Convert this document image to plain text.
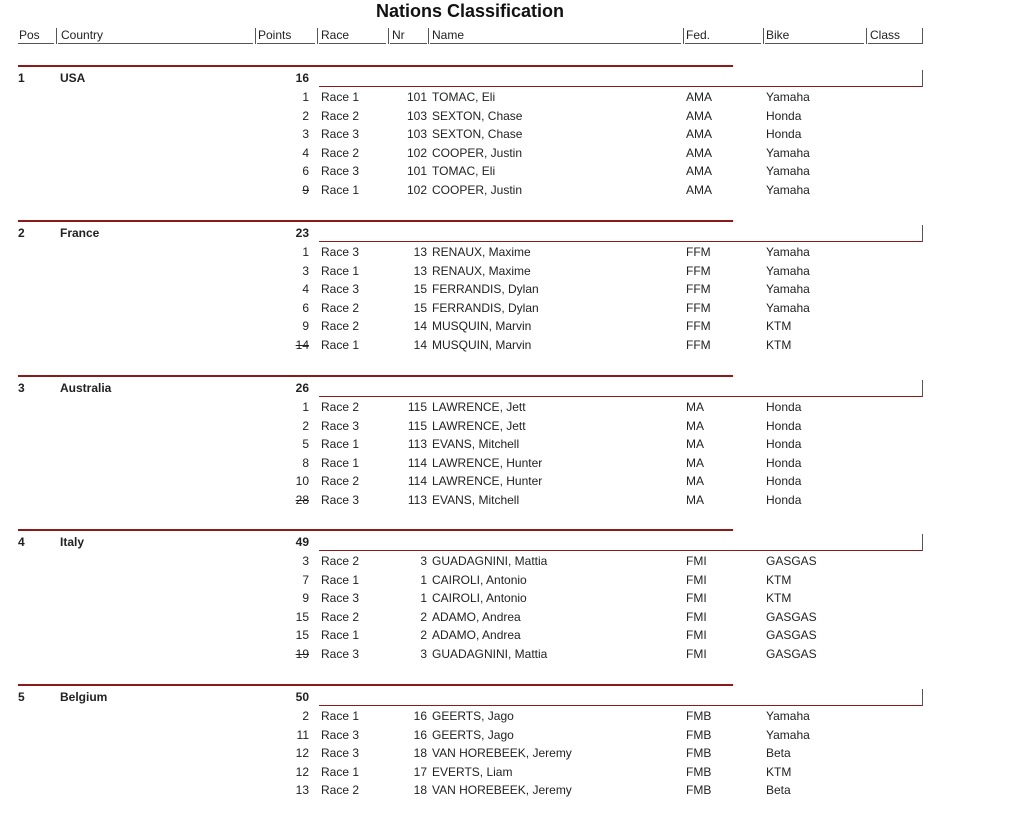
Nations Classification
Pos Country	Points Race	Nr Name	Fed.	Bike	Class
1	USA	16
1 Race 1	101 TOMAC, Eli	AMA	Yamaha
2 Race 2	103 SEXTON, Chase	AMA	Honda
3 Race 3	103 SEXTON, Chase	AMA	Honda
4 Race 2	102 COOPER, Justin	AMA	Yamaha
6 Race 3	101 TOMAC, Eli	AMA	Yamaha
9 Race 1	102 COOPER, Justin	AMA	Yamaha
2	France	23
1 Race 3	13 RENAUX, Maxime	FFM	Yamaha
3 Race 1	13 RENAUX, Maxime	FFM	Yamaha
4 Race 3	15 FERRANDIS, Dylan	FFM	Yamaha
6 Race 2	15 FERRANDIS, Dylan	FFM	Yamaha
9 Race 2	14 MUSQUIN, Marvin	FFM	KTM
14 Race 1	14 MUSQUIN, Marvin	FFM	KTM
3	Australia	26
1 Race 2	115 LAWRENCE, Jett	MA	Honda
2 Race 3	115 LAWRENCE, Jett	MA	Honda
5 Race 1	113 EVANS, Mitchell	MA	Honda
8 Race 1	114 LAWRENCE, Hunter	MA	Honda
10 Race 2	114 LAWRENCE, Hunter	MA	Honda
28 Race 3	113 EVANS, Mitchell	MA	Honda
4	Italy	49
3 Race 2	3 GUADAGNINI, Mattia	FMI	GASGAS
7 Race 1	1 CAIROLI, Antonio	FMI	KTM
9 Race 3	1 CAIROLI, Antonio	FMI	KTM
15 Race 2	2 ADAMO, Andrea	FMI	GASGAS
15 Race 1	2 ADAMO, Andrea	FMI	GASGAS
19 Race 3	3 GUADAGNINI, Mattia	FMI	GASGAS
5	Belgium	50
2 Race 1	16 GEERTS, Jago	FMB	Yamaha
11 Race 3	16 GEERTS, Jago	FMB	Yamaha
12 Race 3	18 VAN HOREBEEK, Jeremy	FMB	Beta
12 Race 1	17 EVERTS, Liam	FMB	KTM
13 Race 2	18 VAN HOREBEEK, Jeremy	FMB	Beta
